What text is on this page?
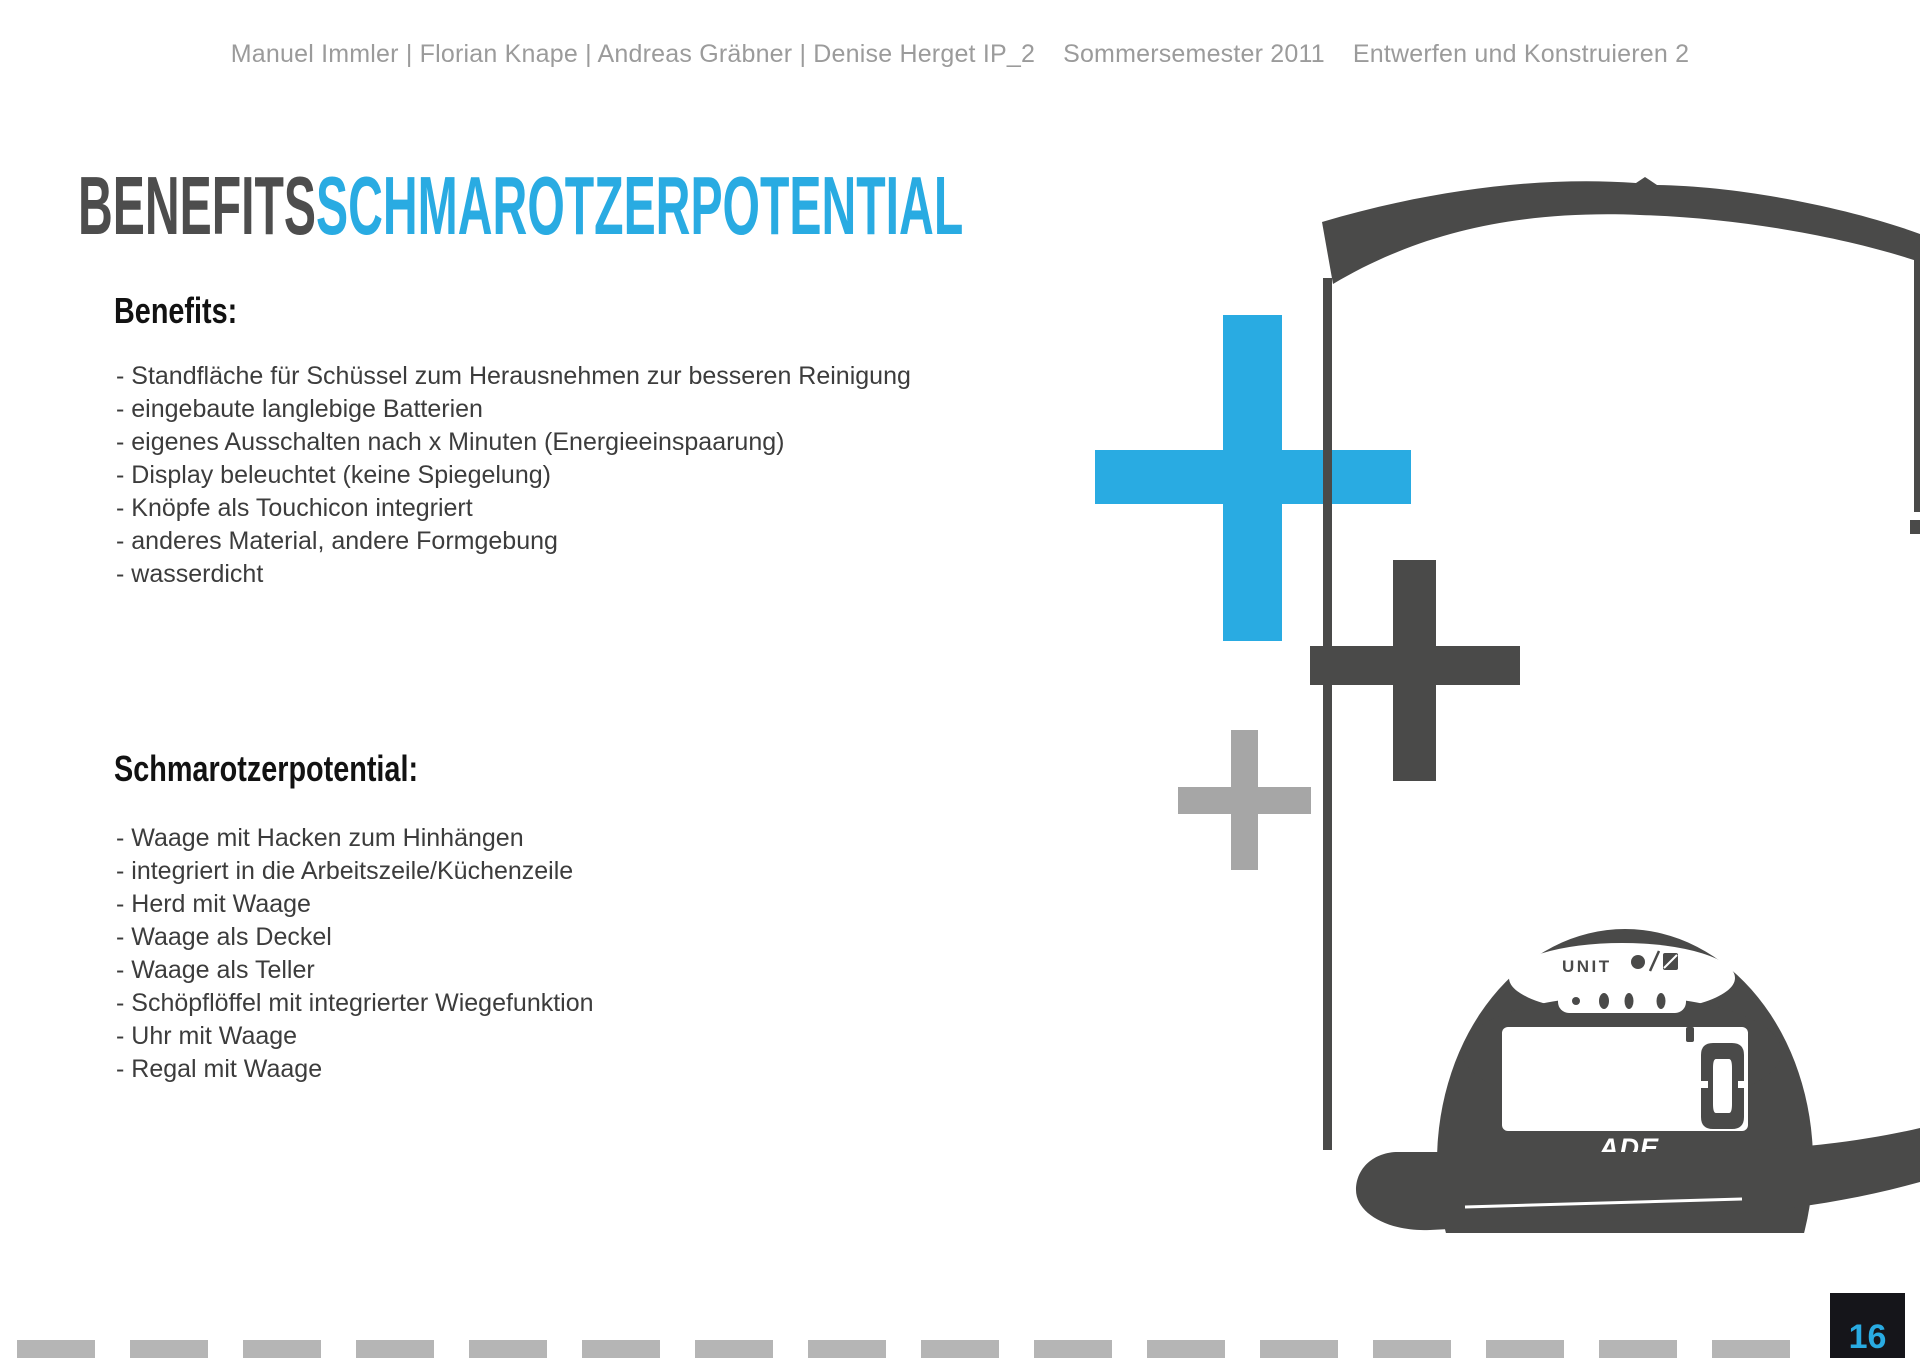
Manuel Immler | Florian Knape | Andreas Gräbner | Denise Herget IP_2 Sommersemester 2011 Entwerfen und Konstruieren 2
BENEFITSSCHMAROTZERPOTENTIAL
Benefits:
- Standfläche für Schüssel zum Herausnehmen zur besseren Reinigung
- eingebaute langlebige Batterien
- eigenes Ausschalten nach x Minuten (Energieeinspaarung)
- Display beleuchtet (keine Spiegelung)
- Knöpfe als Touchicon integriert
- anderes Material, andere Formgebung
- wasserdicht
Schmarotzerpotential:
- Waage mit Hacken zum Hinhängen
- integriert in die Arbeitszeile/Küchenzeile
- Herd mit Waage
- Waage als Deckel
- Waage als Teller
- Schöpflöffel mit integrierter Wiegefunktion
- Uhr mit Waage
- Regal mit Waage
UNIT
ADE
16
